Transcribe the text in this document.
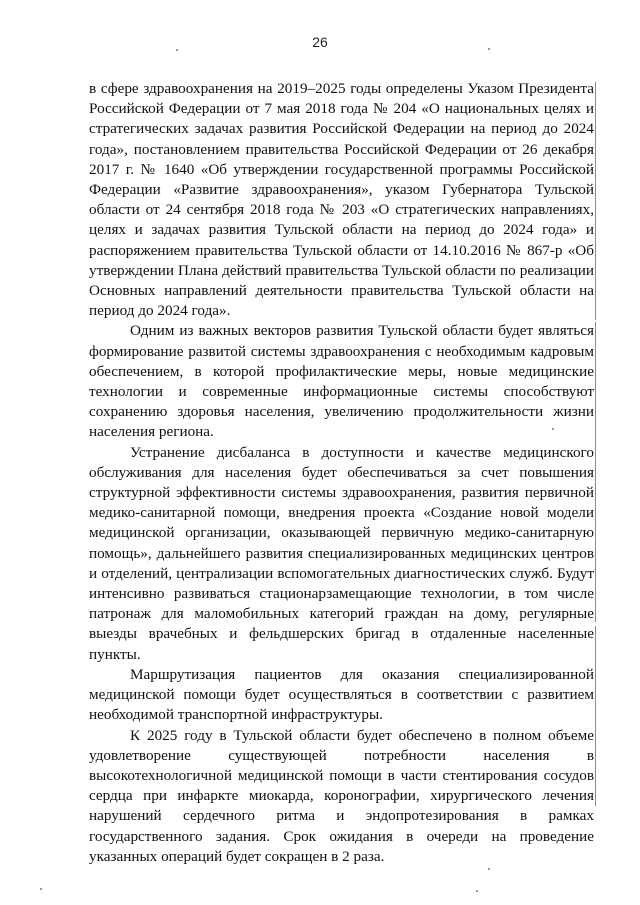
26

в сфере здравоохранения на 2019–2025 годы определены Указом Президента Российской Федерации от 7 мая 2018 года № 204 «О национальных целях и стратегических задачах развития Российской Федерации на период до 2024 года», постановлением правительства Российской Федерации от 26 декабря 2017 г. № 1640 «Об утверждении государственной программы Российской Федерации «Развитие здравоохранения», указом Губернатора Тульской области от 24 сентября 2018 года № 203 «О стратегических направлениях, целях и задачах развития Тульской области на период до 2024 года» и распоряжением правительства Тульской области от 14.10.2016 № 867-р «Об утверждении Плана действий правительства Тульской области по реализации Основных направлений деятельности правительства Тульской области на период до 2024 года».

Одним из важных векторов развития Тульской области будет являться формирование развитой системы здравоохранения с необходимым кадровым обеспечением, в которой профилактические меры, новые медицинские технологии и современные информационные системы способствуют сохранению здоровья населения, увеличению продолжительности жизни населения региона.

Устранение дисбаланса в доступности и качестве медицинского обслуживания для населения будет обеспечиваться за счет повышения структурной эффективности системы здравоохранения, развития первичной медико-санитарной помощи, внедрения проекта «Создание новой модели медицинской организации, оказывающей первичную медико-санитарную помощь», дальнейшего развития специализированных медицинских центров и отделений, централизации вспомогательных диагностических служб. Будут интенсивно развиваться стационарзамещающие технологии, в том числе патронаж для маломобильных категорий граждан на дому, регулярные выезды врачебных и фельдшерских бригад в отдаленные населенные пункты.

Маршрутизация пациентов для оказания специализированной медицинской помощи будет осуществляться в соответствии с развитием необходимой транспортной инфраструктуры.

К 2025 году в Тульской области будет обеспечено в полном объеме удовлетворение существующей потребности населения в высокотехнологичной медицинской помощи в части стентирования сосудов сердца при инфаркте миокарда, коронографии, хирургического лечения нарушений сердечного ритма и эндопротезирования в рамках государственного задания. Срок ожидания в очереди на проведение указанных операций будет сокращен в 2 раза.
